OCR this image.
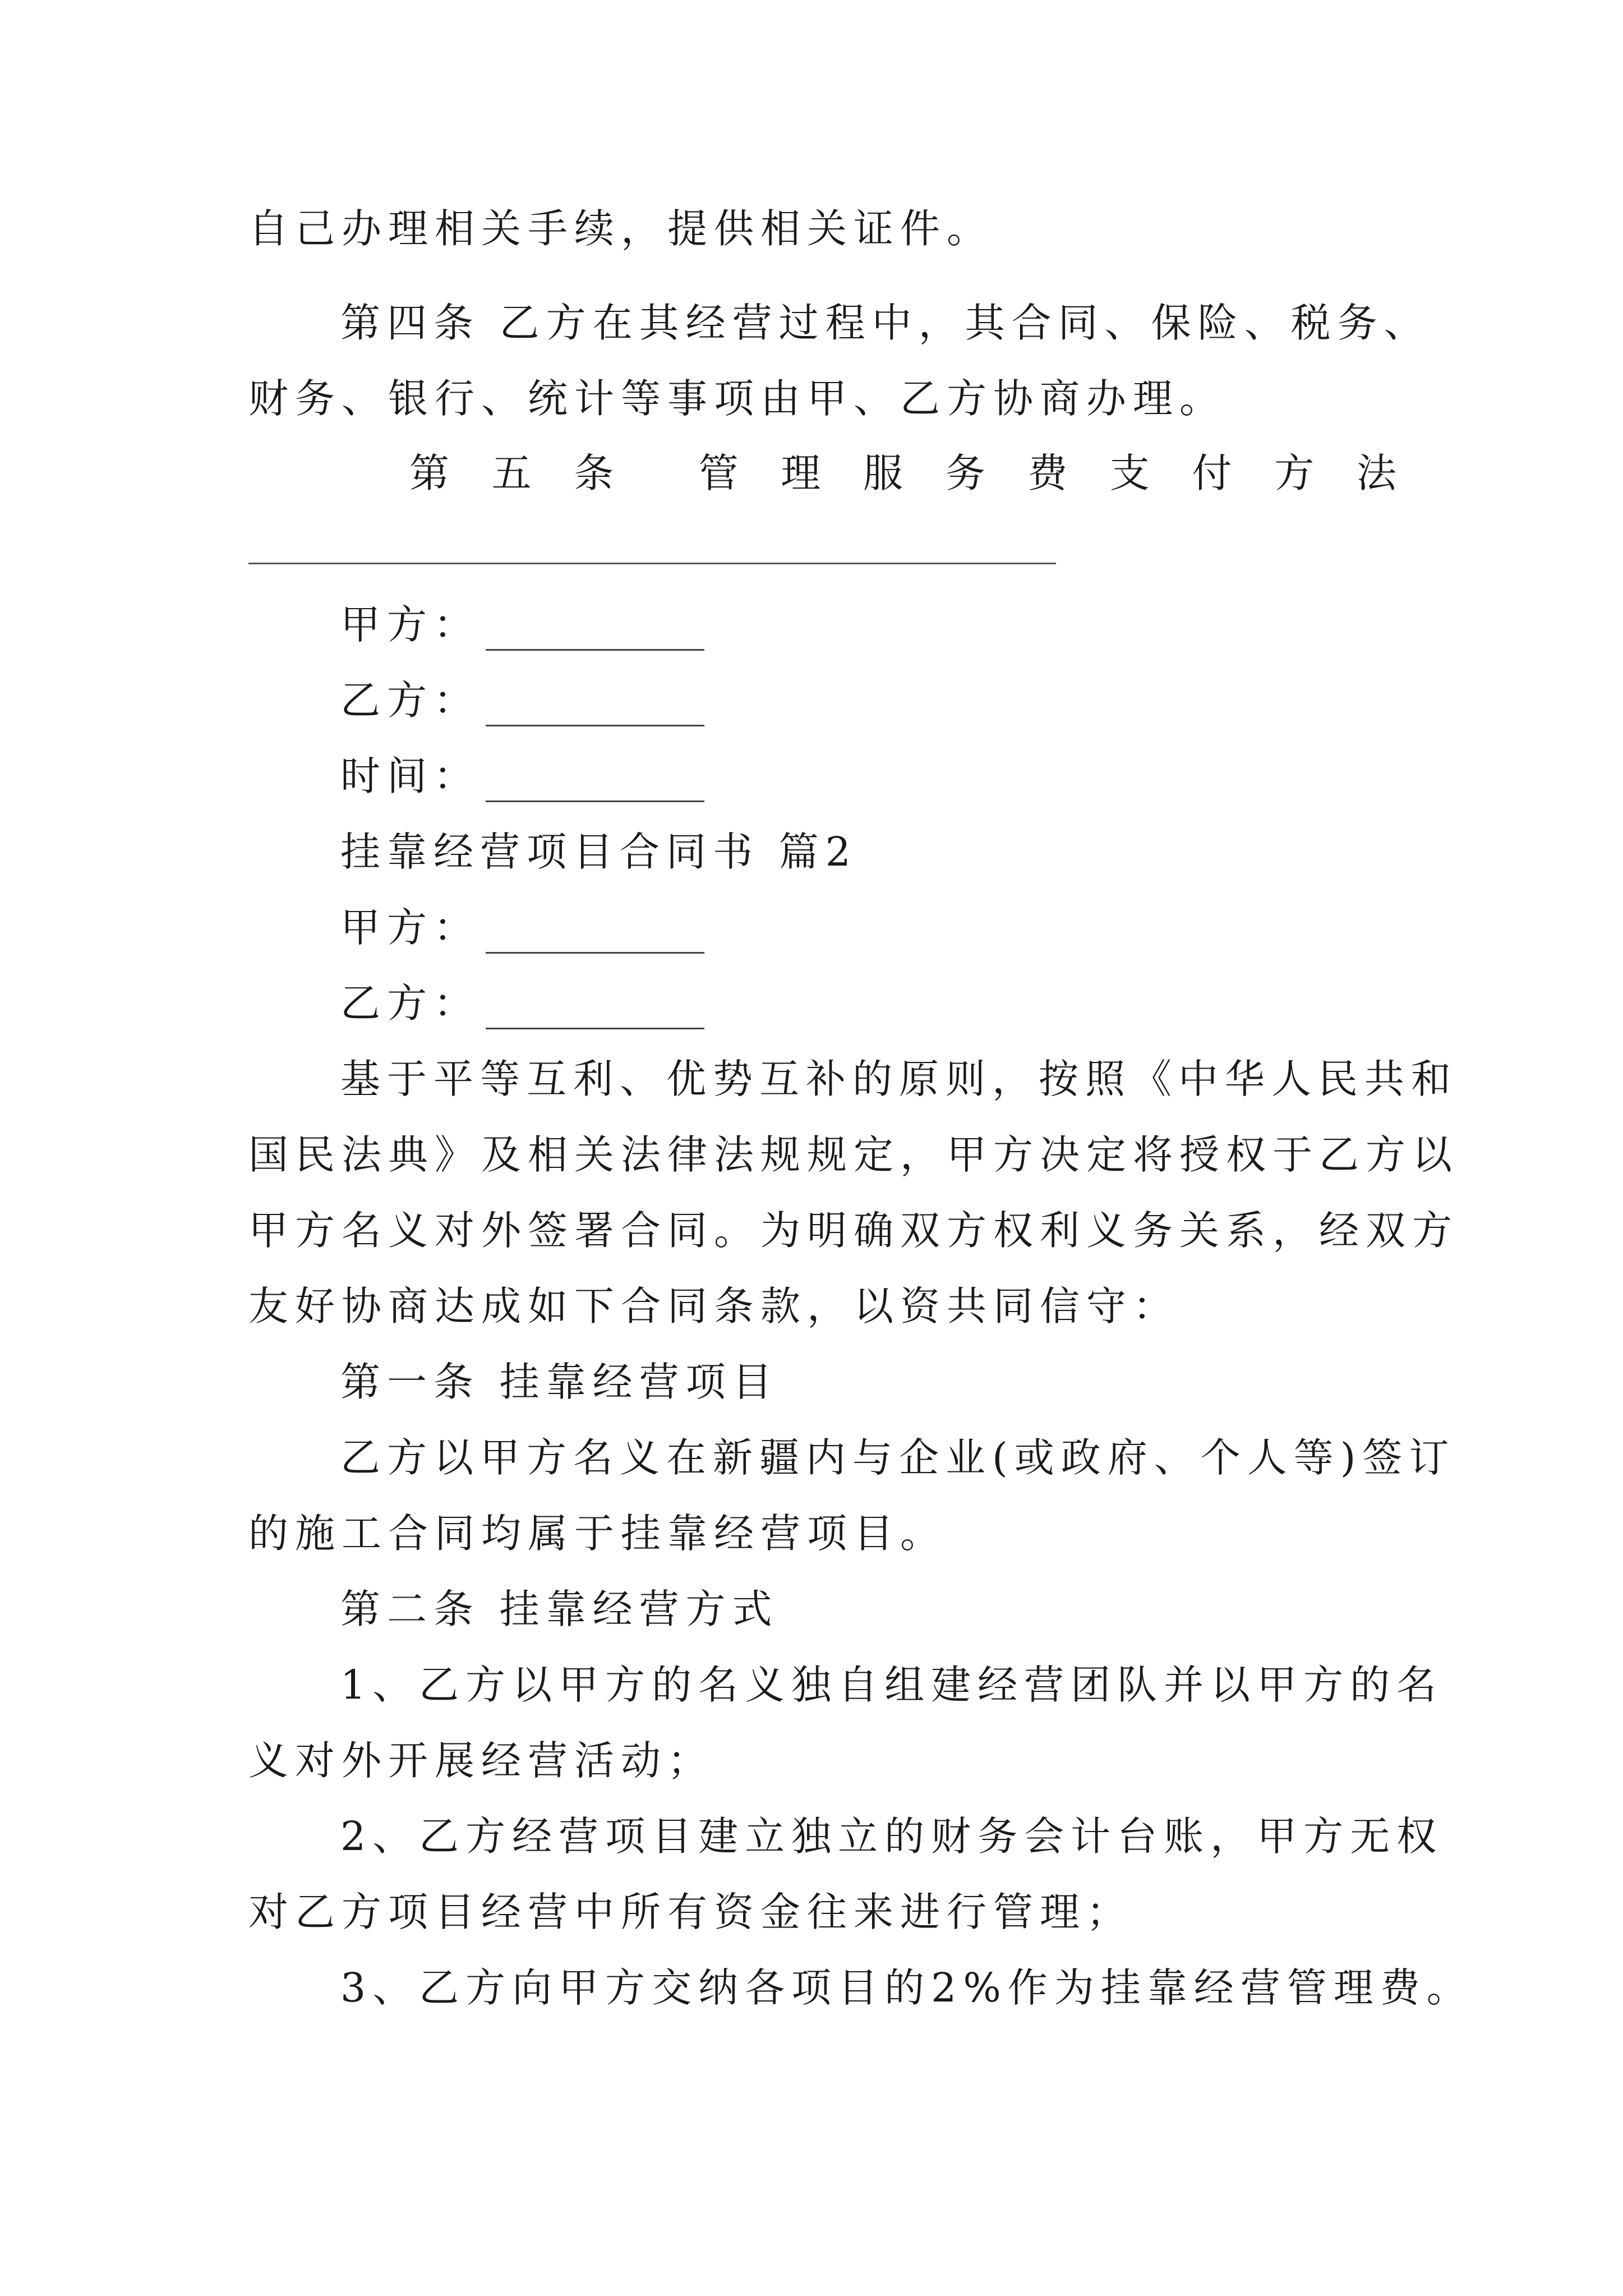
自己办理相关手续，提供相关证件。
第四条 乙方在其经营过程中，其合同、保险、税务、
财务、银行、统计等事项由甲、乙方协商办理。
第 五 条 管 理 服 务 费 支 付 方 法
甲方：
乙方：
时间：
挂靠经营项目合同书 篇2
甲方：
乙方：
基于平等互利、优势互补的原则，按照《中华人民共和
国民法典》及相关法律法规规定，甲方决定将授权于乙方以
甲方名义对外签署合同。为明确双方权利义务关系，经双方
友好协商达成如下合同条款，以资共同信守：
第一条 挂靠经营项目
乙方以甲方名义在新疆内与企业(或政府、个人等)签订
的施工合同均属于挂靠经营项目。
第二条 挂靠经营方式
1、乙方以甲方的名义独自组建经营团队并以甲方的名
义对外开展经营活动；
2、乙方经营项目建立独立的财务会计台账，甲方无权
对乙方项目经营中所有资金往来进行管理；
3、乙方向甲方交纳各项目的2%作为挂靠经营管理费。
